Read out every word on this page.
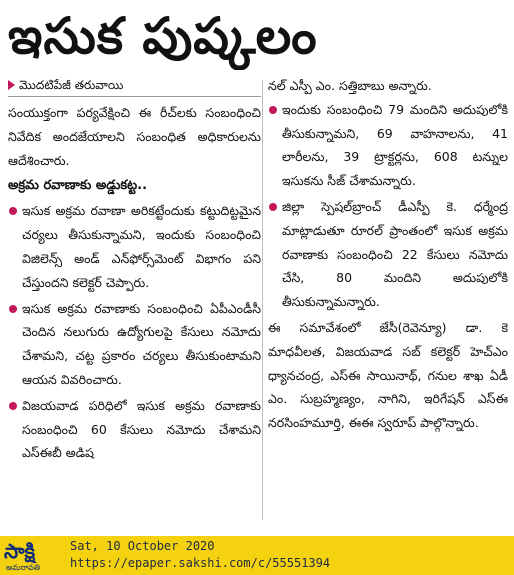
ఇసుక పుష్కలం
మొదటిపేజీ తరువాయి

సంయుక్తంగా పర్యవేక్షించి ఈ రీచ్‌లకు సంబంధించి నివేదిక అందజేయాలని సంబంధిత అధికారులను ఆదేశించారు.

అక్రమ రవాణాకు అడ్డుకట్ట..
ఇసుక అక్రమ రవాణా అరికట్టేందుకు కట్టుదిట్టమైన చర్యలు తీసుకున్నామని, ఇందుకు సంబంధించి విజిలెన్స్ అండ్ ఎన్‌ఫోర్స్‌మెంట్ విభాగం పని చేస్తుందని కలెక్టర్ చెప్పారు.
ఇసుక అక్రమ రవాణాకు సంబంధించి ఏపీఎండీసీ చెందిన నలుగురు ఉద్యోగులపై కేసులు నమోదు చేశామని, చట్ట ప్రకారం చర్యలు తీసుకుంటామని ఆయన వివరించారు.
విజయవాడ పరిధిలో ఇసుక అక్రమ రవాణాకు సంబంధించి 60 కేసులు నమోదు చేశామని ఎస్‌ఈబీ అడిష

నల్ ఎస్పీ ఎం. సత్తిబాబు అన్నారు.

ఇందుకు సంబంధించి 79 మందిని అదుపులోకి తీసుకున్నామని, 69 వాహనాలను, 41 లారీలను, 39 ట్రాక్టర్లను, 608 టన్నుల ఇసుకను సీజ్ చేశామన్నారు.
జిల్లా స్పెషల్‌బ్రాంచ్ డీఎస్పీ కె. ధర్మేంద్ర మాట్లాడుతూ రూరల్ ప్రాంతంలో ఇసుక అక్రమ రవాణాకు సంబంధించి 22 కేసులు నమోదు చేసి, 80 మందిని అదుపులోకి తీసుకున్నామన్నారు.

ఈ సమావేశంలో జేసీ(రెవెన్యూ) డా. కె మాధవీలత, విజయవాడ సబ్ కలెక్టర్ హెచ్‌ఎం ధ్యానచంద్ర, ఎస్‌ఈ సాయినాథ్, గనుల శాఖ ఏడీ ఎం. సుబ్రహ్మణ్యం, నాగిని, ఇరిగేషన్ ఎస్‌ఈ నరసింహమూర్తి, ఈఈ స్వరూప్ పాల్గొన్నారు.

సాక్షి
అమరావతి
Sat, 10 October 2020
https://epaper.sakshi.com/c/55551394
